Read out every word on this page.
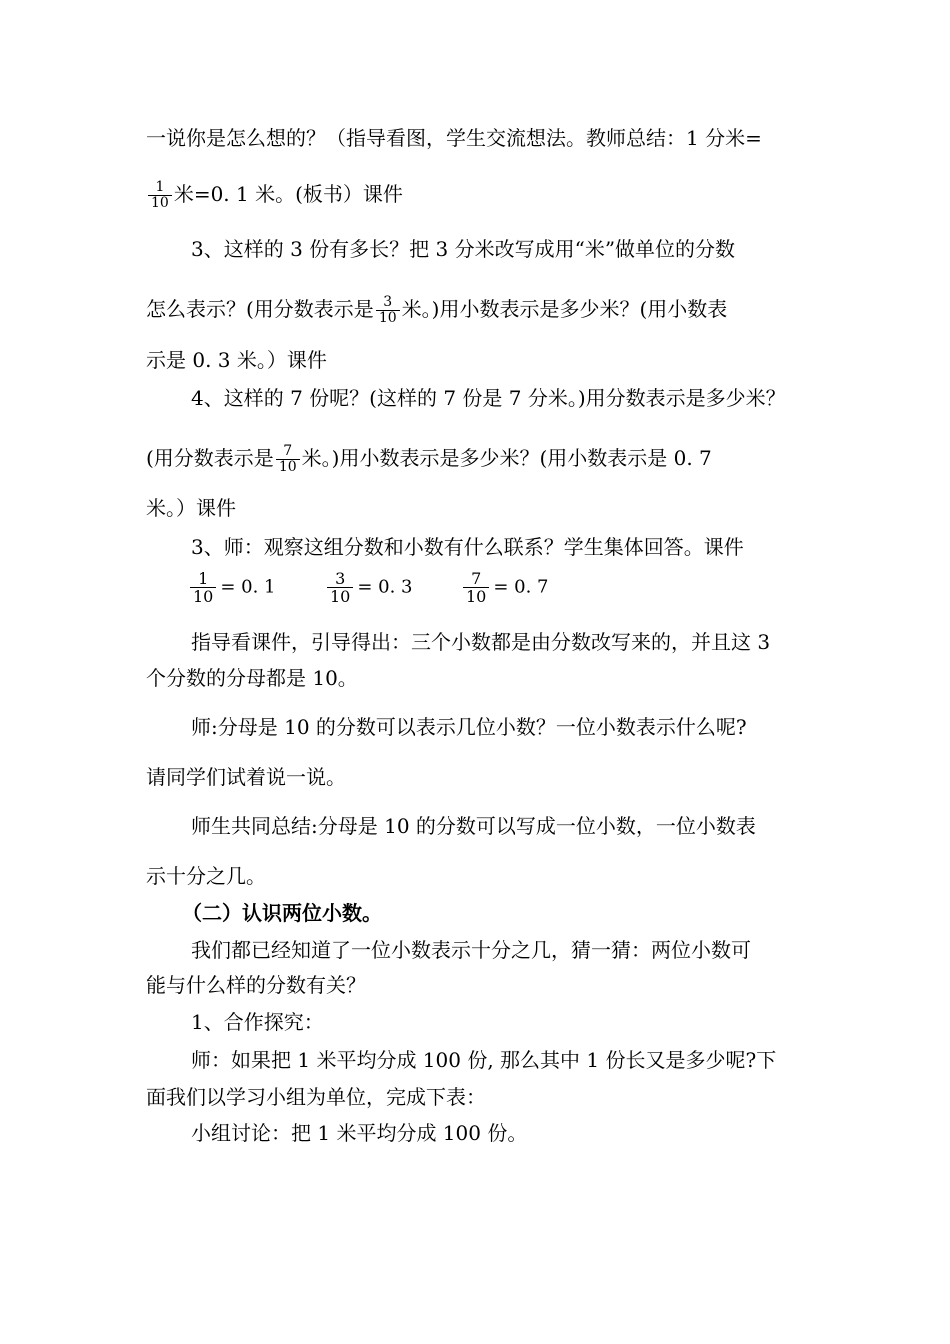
一说你是怎么想的？（指导看图，学生交流想法。教师总结：1 分米=
$\frac{1}{10}$ 米=0. 1 米。(板书）课件
3、这样的 3 份有多长？把 3 分米改写成用“米”做单位的分数
怎么表示？(用分数表示是 $\frac{3}{10}$ 米。)用小数表示是多少米？(用小数表
示是 0. 3 米。）课件
4、这样的 7 份呢？(这样的 7 份是 7 分米。)用分数表示是多少米？
(用分数表示是 $\frac{7}{10}$ 米。)用小数表示是多少米？(用小数表示是 0. 7
米。）课件
3、师：观察这组分数和小数有什么联系？学生集体回答。课件
$\frac{1}{10} = 0$. 1	$\frac{3}{10} = 0$. 3	$\frac{7}{10} = 0$. 7
指导看课件，引导得出：三个小数都是由分数改写来的，并且这 3
个分数的分母都是 10。
师:分母是 10 的分数可以表示几位小数？一位小数表示什么呢?
请同学们试着说一说。
师生共同总结:分母是 10 的分数可以写成一位小数，一位小数表
示十分之几。
（二）认识两位小数。
我们都已经知道了一位小数表示十分之几，猜一猜：两位小数可
能与什么样的分数有关？
1、合作探究：
师：如果把 1 米平均分成 100 份, 那么其中 1 份长又是多少呢?下
面我们以学习小组为单位，完成下表：
小组讨论：把 1 米平均分成 100 份。
